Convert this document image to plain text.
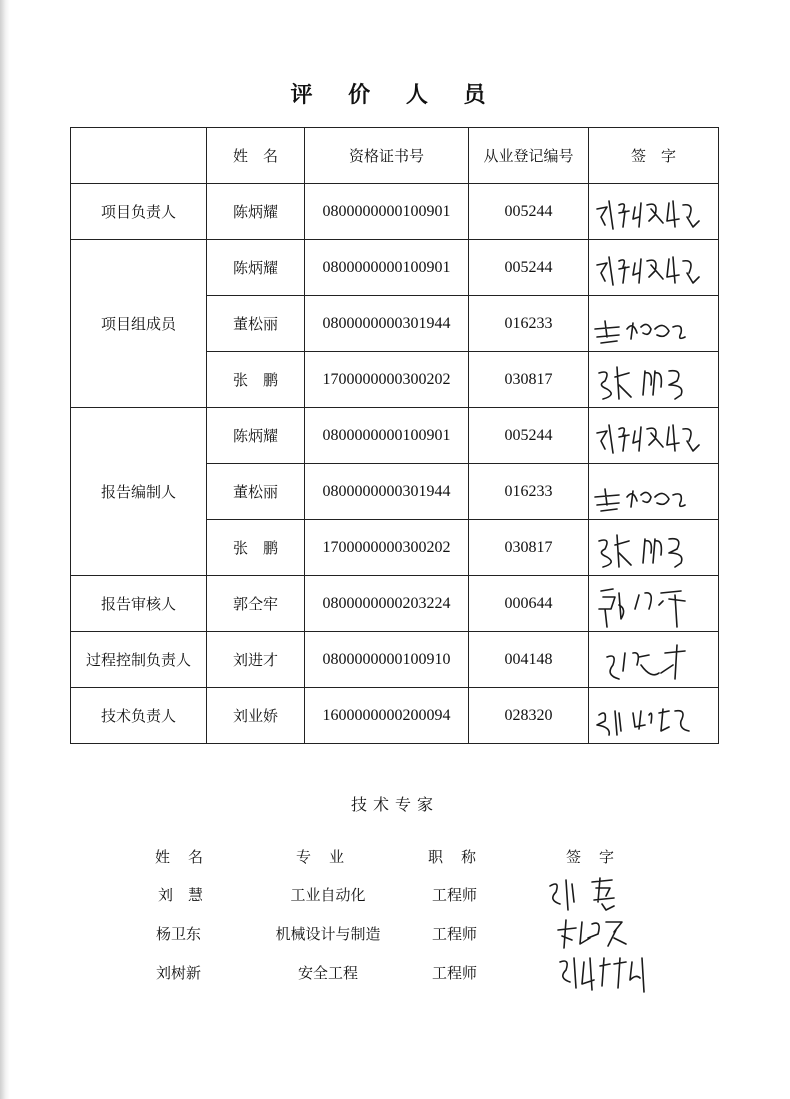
评 价 人 员
	姓　名	资格证书号	从业登记编号	签　字
项目负责人	陈炳耀	0800000000100901	005244	

项目组成员	陈炳耀	0800000000100901	005244	

	董松丽	0800000000301944	016233	

	张　鹏	1700000000300202	030817	

报告编制人	陈炳耀	0800000000100901	005244	

	董松丽	0800000000301944	016233	

	张　鹏	1700000000300202	030817	

报告审核人	郭仝牢	0800000000203224	000644	

过程控制负责人	刘进才	0800000000100910	004148	

技术负责人	刘业娇	1600000000200094	028320	
技术专家
姓名	专业	职称	签字
刘　慧	工业自动化	工程师
杨卫东	机械设计与制造	工程师
刘树新	安全工程	工程师
